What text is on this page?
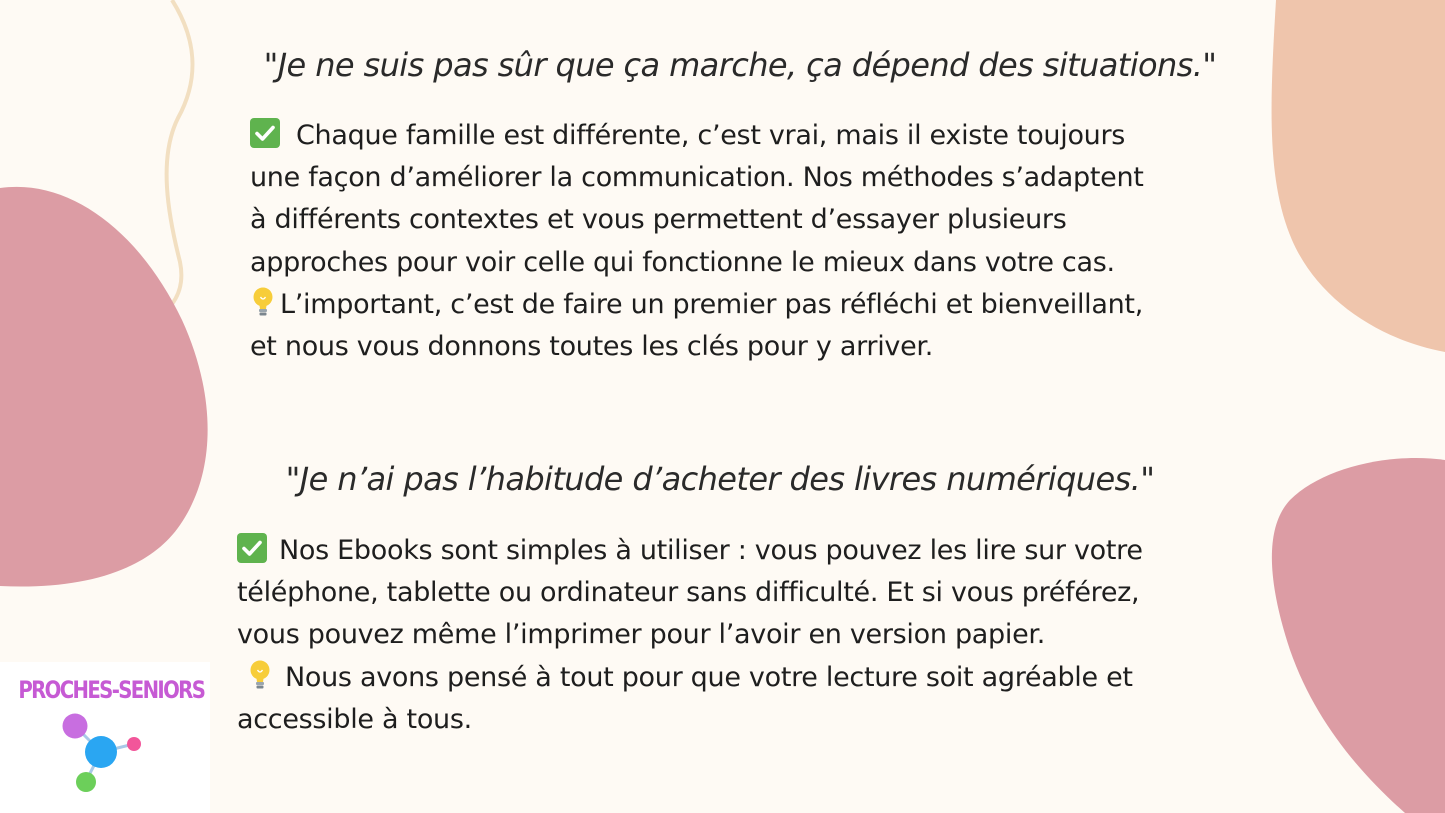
"Je ne suis pas sûr que ça marche, ça dépend des situations."
Chaque famille est différente, c’est vrai, mais il existe toujours
une façon d’améliorer la communication. Nos méthodes s’adaptent
à différents contextes et vous permettent d’essayer plusieurs
approches pour voir celle qui fonctionne le mieux dans votre cas.
L’important, c’est de faire un premier pas réfléchi et bienveillant,
et nous vous donnons toutes les clés pour y arriver.
"Je n’ai pas l’habitude d’acheter des livres numériques."
Nos Ebooks sont simples à utiliser : vous pouvez les lire sur votre
téléphone, tablette ou ordinateur sans difficulté. Et si vous préférez,
vous pouvez même l’imprimer pour l’avoir en version papier.
Nous avons pensé à tout pour que votre lecture soit agréable et
accessible à tous.
PROCHES-SENIORS
